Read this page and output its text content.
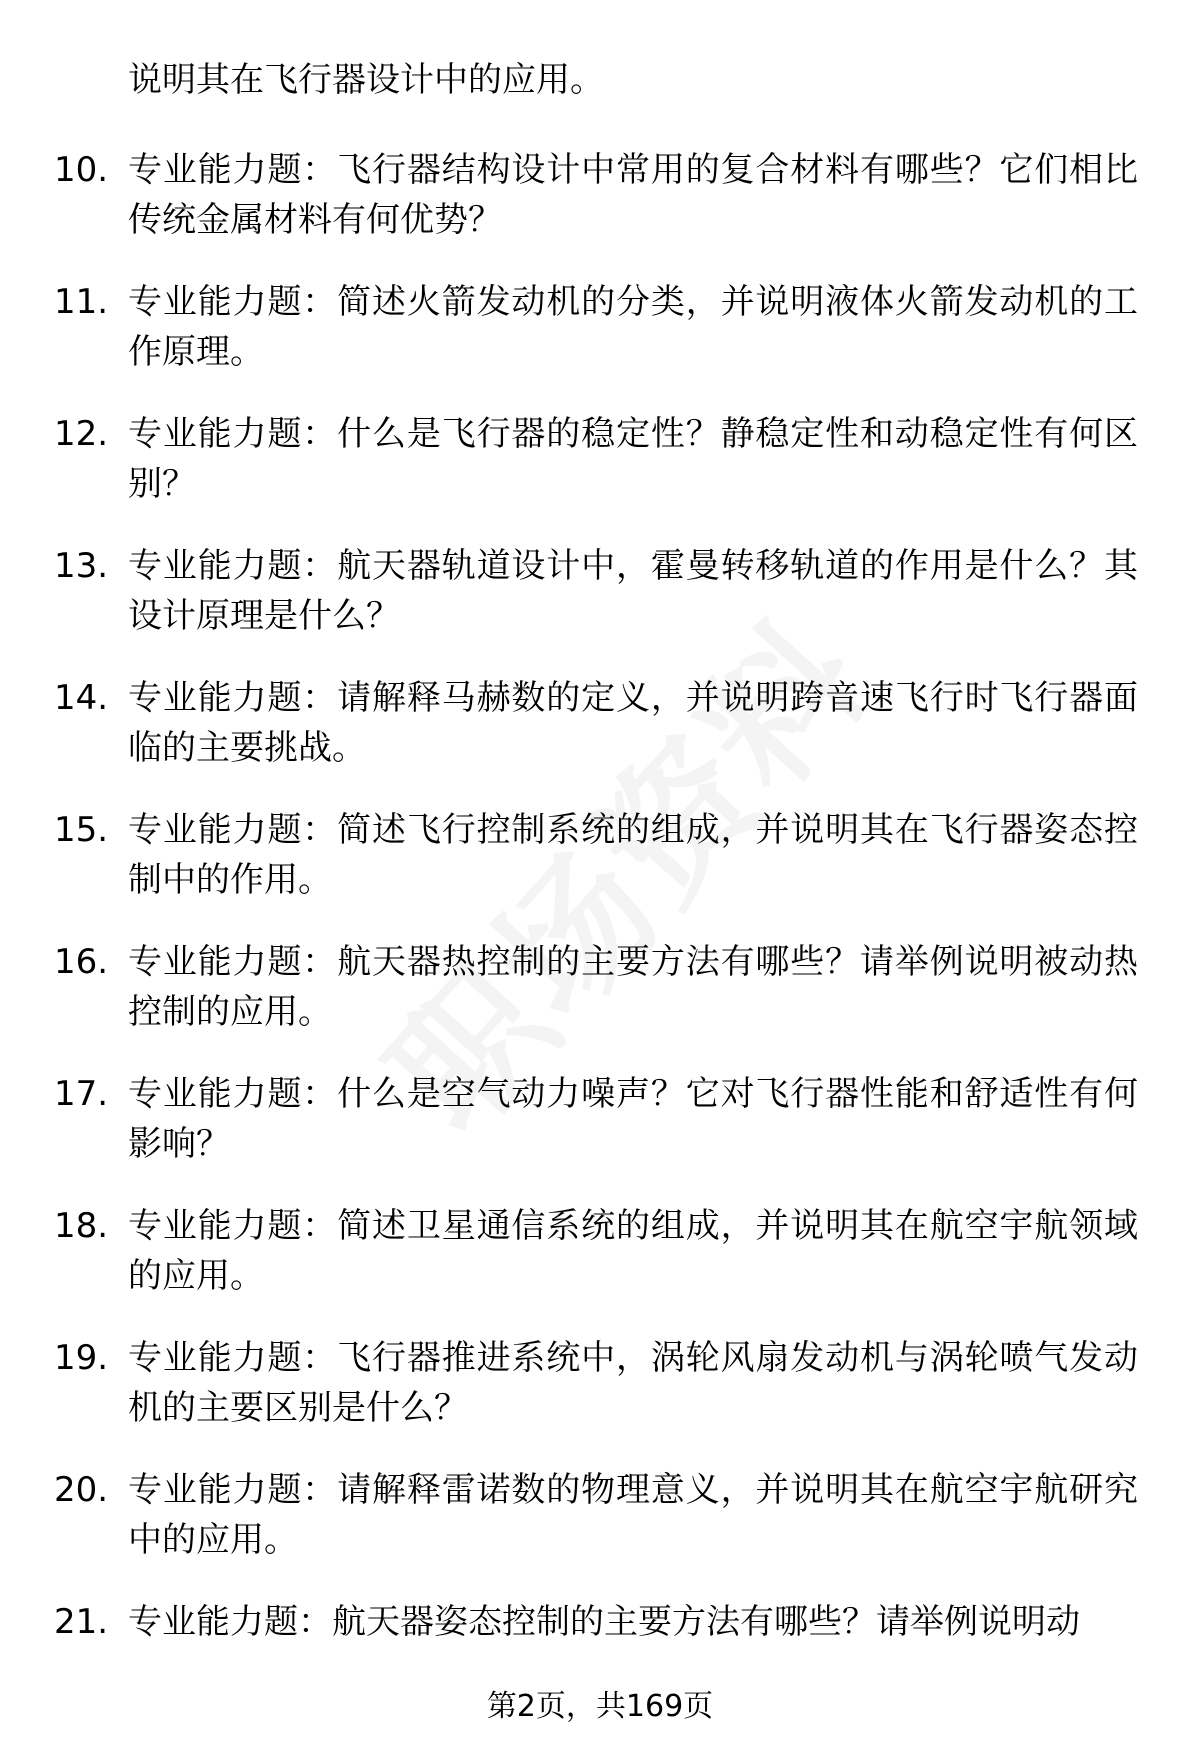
说明其在飞行器设计中的应用。
10. 专业能力题：飞行器结构设计中常用的复合材料有哪些？它们相比传统金属材料有何优势？
11. 专业能力题：简述火箭发动机的分类，并说明液体火箭发动机的工作原理。
12. 专业能力题：什么是飞行器的稳定性？静稳定性和动稳定性有何区别？
13. 专业能力题：航天器轨道设计中，霍曼转移轨道的作用是什么？其设计原理是什么？
14. 专业能力题：请解释马赫数的定义，并说明跨音速飞行时飞行器面临的主要挑战。
15. 专业能力题：简述飞行控制系统的组成，并说明其在飞行器姿态控制中的作用。
16. 专业能力题：航天器热控制的主要方法有哪些？请举例说明被动热控制的应用。
17. 专业能力题：什么是空气动力噪声？它对飞行器性能和舒适性有何影响？
18. 专业能力题：简述卫星通信系统的组成，并说明其在航空宇航领域的应用。
19. 专业能力题：飞行器推进系统中，涡轮风扇发动机与涡轮喷气发动机的主要区别是什么？
20. 专业能力题：请解释雷诺数的物理意义，并说明其在航空宇航研究中的应用。
21. 专业能力题：航天器姿态控制的主要方法有哪些？请举例说明动
第2页，共169页
